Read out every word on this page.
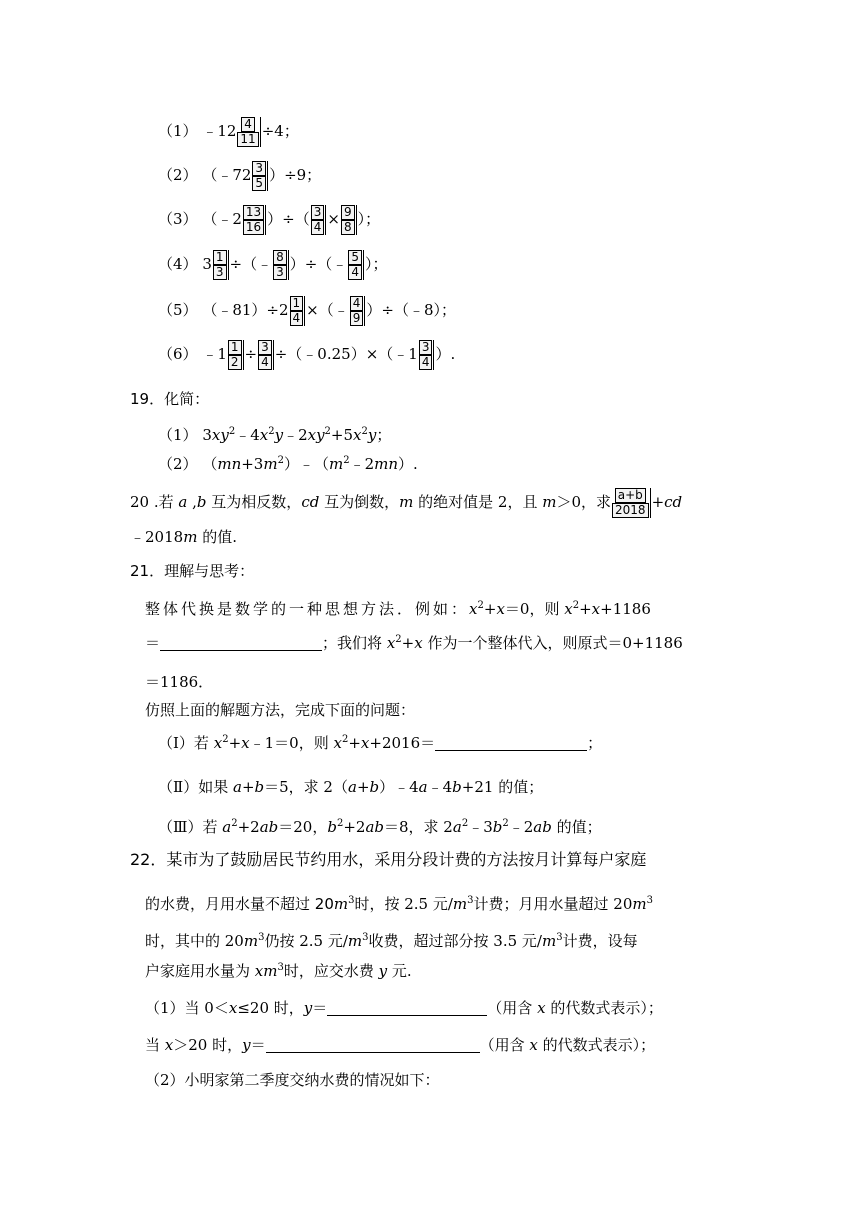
（1） ﹣12 $\frac{4}{11} \div 4$；
（2） （﹣72 $\frac{3}{5} )\div 9$；
（3） （﹣2 $\frac{13}{16}$ ）÷（ $\frac{3}{4} \times \frac{9}{8}$ ）；
（4） $3 \frac{1}{3}$ ÷（﹣ $\frac{8}{3}$ ）÷（﹣ $\frac{5}{4}$ ）；
（5） （﹣81）÷2 $\frac{1}{4}$ ×（﹣ $\frac{4}{9}$ ）÷（﹣8）；
（6） ﹣1 $\frac{1}{2} \div \frac{3}{4}$ ÷（﹣0.25）×（﹣1 $\frac{3}{4}$ ）.
19．化简：
（1） $3xy^2﹣4x^2y﹣2xy^2+5x^2y$；
（2） $(mn+3m^2)﹣(m^2﹣2mn)$.
20 .若 a ,b 互为相反数，cd 互为倒数，m 的绝对值是 2，且 m＞0，求 $\frac{a+b}{2018} +cd$
﹣2018m 的值.
21．理解与思考：
整体代换是数学的一种思想方法．例如：$x^2+x=0$，则 $x^2+x+1186$
＝	；我们将 $x^2+x$ 作为一个整体代入，则原式＝0+1186
＝1186．
仿照上面的解题方法，完成下面的问题：
（Ⅰ）若 $x^2+x﹣1=0$，则 $x^2+x+2016=$	；
（Ⅱ）如果 a+b＝5，求 2（a+b）﹣4a﹣4b+21 的值；
（Ⅲ）若 $a^2+2ab=20$，$b^2+2ab=8$，求 $2a^2﹣3b^2﹣2ab$ 的值；
22．某市为了鼓励居民节约用水，采用分段计费的方法按月计算每户家庭
的水费，月用水量不超过 $20m^3$时，按 2.5 元$/m^3$计费；月用水量超过 $20m^3$
时，其中的 $20m^3$仍按 2.5 元$/m^3$收费，超过部分按 3.5 元$/m^3$计费，设每
户家庭用水量为 $xm^3$时，应交水费 y 元.
（1）当 0＜x≤20 时，y＝	（用含 x 的代数式表示）；
当 x＞20 时，y＝	（用含 x 的代数式表示）；
（2）小明家第二季度交纳水费的情况如下：
